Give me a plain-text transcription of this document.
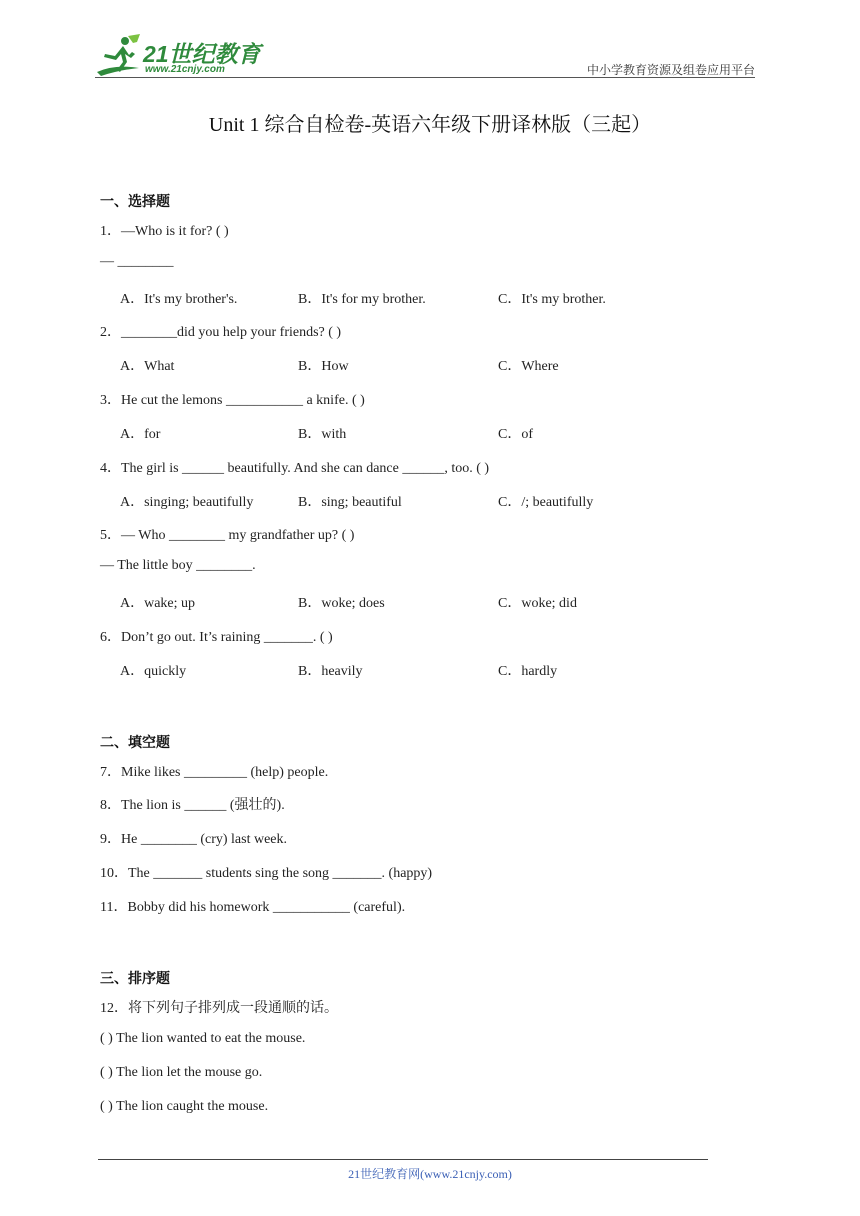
21世纪教育
www.21cnjy.com	中小学教育资源及组卷应用平台
Unit 1 综合自检卷-英语六年级下册译林版（三起）
一、选择题
1．—Who is it for? ( )
— ________
A．It's my brother's.	B．It's for my brother.	C．It's my brother.
2．________did you help your friends? ( )
A．What	B．How	C．Where
3．He cut the lemons ___________ a knife. ( )
A．for	B．with	C．of
4．The girl is ______ beautifully. And she can dance ______, too. ( )
A．singing; beautifully	B．sing; beautiful	C．/; beautifully
5．— Who ________ my grandfather up? ( )
— The little boy ________.
A．wake; up	B．woke; does	C．woke; did
6．Don’t go out. It’s raining _______. ( )
A．quickly	B．heavily	C．hardly
二、填空题
7．Mike likes _________ (help) people.
8．The lion is ______ (强壮的).
9．He ________ (cry) last week.
10．The _______ students sing the song _______. (happy)
11．Bobby did his homework ___________ (careful).
三、排序题
12．将下列句子排列成一段通顺的话。
( ) The lion wanted to eat the mouse.
( ) The lion let the mouse go.
( ) The lion caught the mouse.
21世纪教育网(www.21cnjy.com)
